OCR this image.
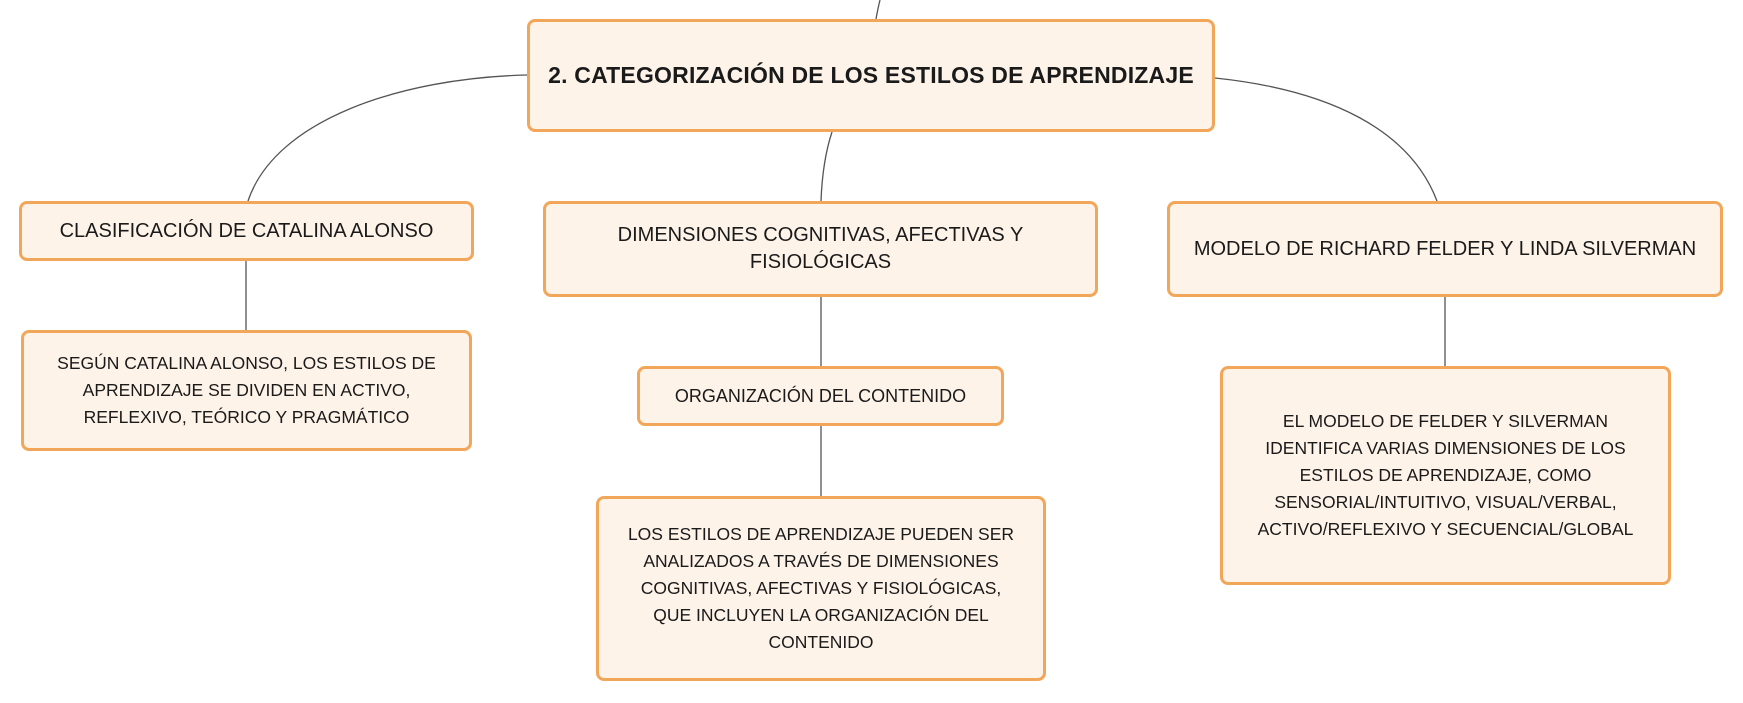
2. CATEGORIZACIÓN DE LOS ESTILOS DE APRENDIZAJE
CLASIFICACIÓN DE CATALINA ALONSO
SEGÚN CATALINA ALONSO, LOS ESTILOS DE APRENDIZAJE SE DIVIDEN EN ACTIVO, REFLEXIVO, TEÓRICO Y PRAGMÁTICO
DIMENSIONES COGNITIVAS, AFECTIVAS Y FISIOLÓGICAS
ORGANIZACIÓN DEL CONTENIDO
LOS ESTILOS DE APRENDIZAJE PUEDEN SER ANALIZADOS A TRAVÉS DE DIMENSIONES COGNITIVAS, AFECTIVAS Y FISIOLÓGICAS, QUE INCLUYEN LA ORGANIZACIÓN DEL CONTENIDO
MODELO DE RICHARD FELDER Y LINDA SILVERMAN
EL MODELO DE FELDER Y SILVERMAN IDENTIFICA VARIAS DIMENSIONES DE LOS ESTILOS DE APRENDIZAJE, COMO SENSORIAL/INTUITIVO, VISUAL/VERBAL, ACTIVO/REFLEXIVO Y SECUENCIAL/GLOBAL
